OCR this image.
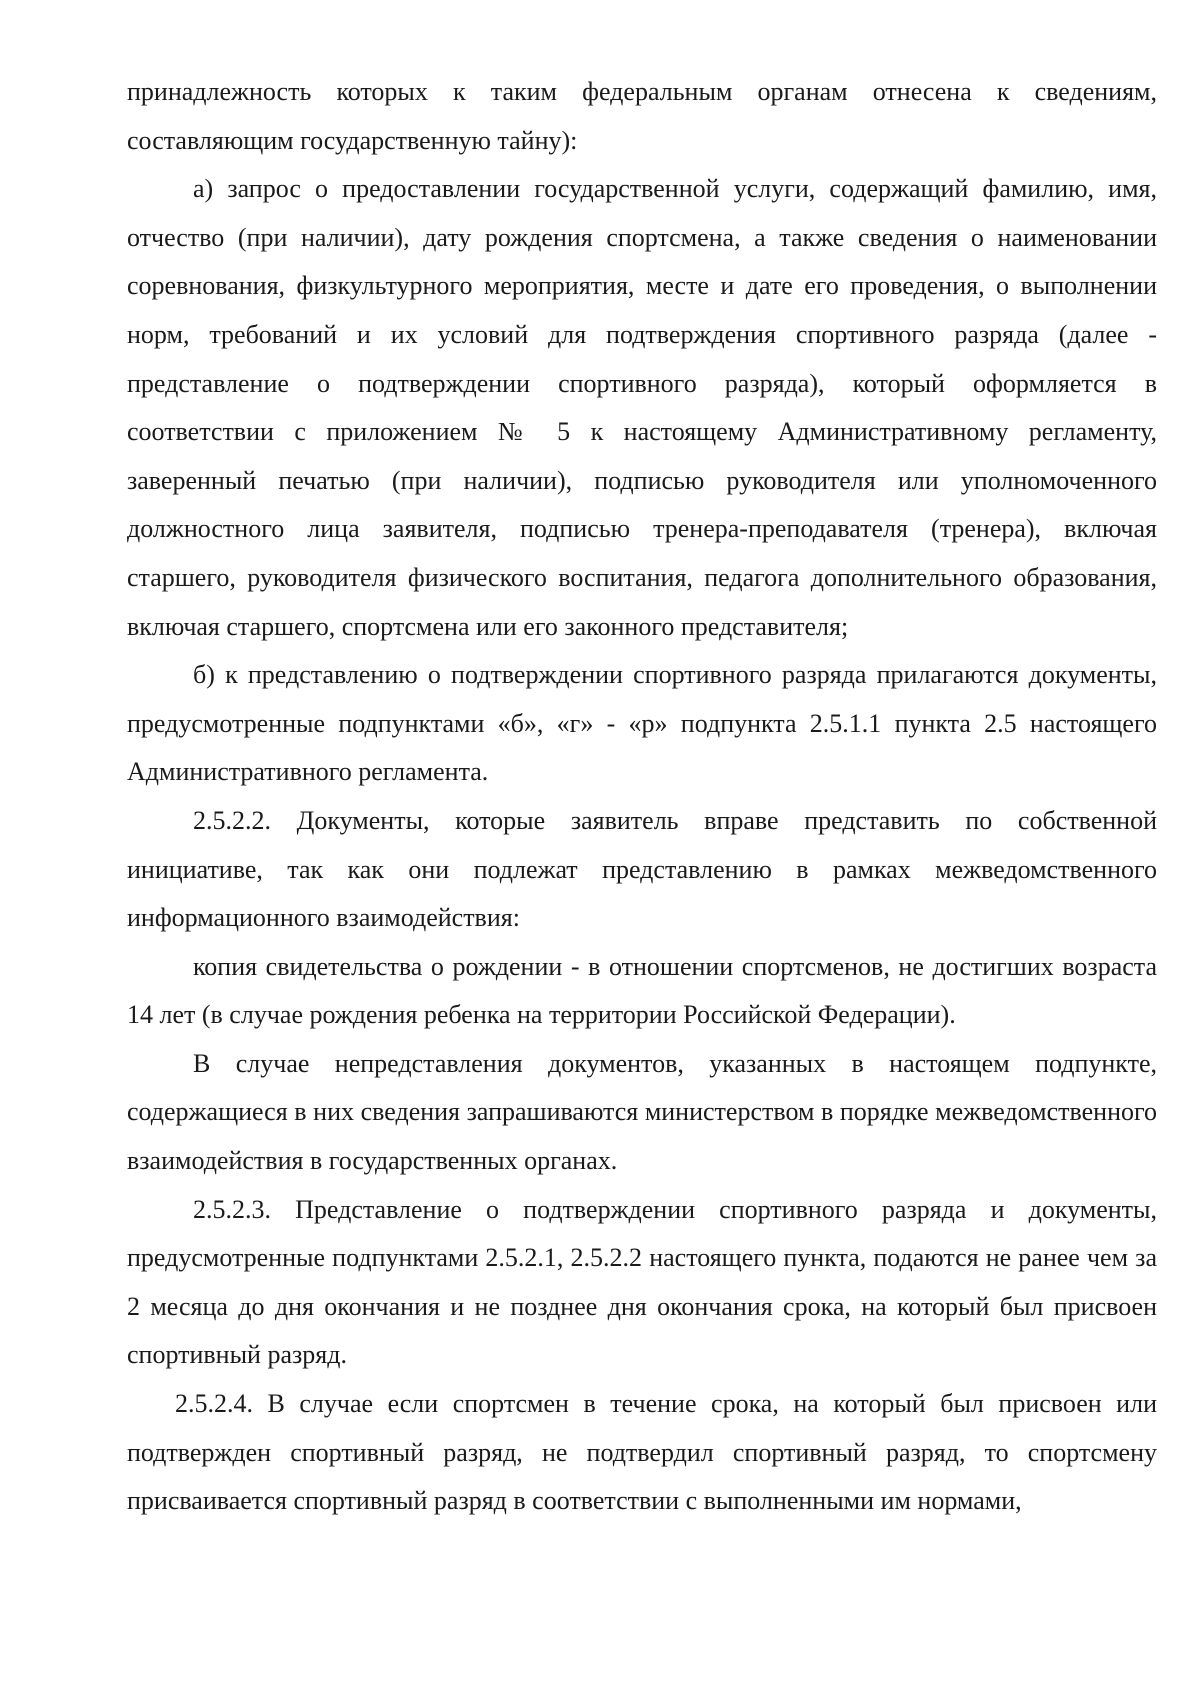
принадлежность которых к таким федеральным органам отнесена к сведениям, составляющим государственную тайну):

а) запрос о предоставлении государственной услуги, содержащий фамилию, имя, отчество (при наличии), дату рождения спортсмена, а также сведения о наименовании соревнования, физкультурного мероприятия, месте и дате его проведения, о выполнении норм, требований и их условий для подтверждения спортивного разряда (далее - представление о подтверждении спортивного разряда), который оформляется в соответствии с приложением № 5 к настоящему Административному регламенту, заверенный печатью (при наличии), подписью руководителя или уполномоченного должностного лица заявителя, подписью тренера-преподавателя (тренера), включая старшего, руководителя физического воспитания, педагога дополнительного образования, включая старшего, спортсмена или его законного представителя;

б) к представлению о подтверждении спортивного разряда прилагаются документы, предусмотренные подпунктами «б», «г» - «р» подпункта 2.5.1.1 пункта 2.5 настоящего Административного регламента.

2.5.2.2. Документы, которые заявитель вправе представить по собственной инициативе, так как они подлежат представлению в рамках межведомственного информационного взаимодействия:

копия свидетельства о рождении - в отношении спортсменов, не достигших возраста 14 лет (в случае рождения ребенка на территории Российской Федерации).

В случае непредставления документов, указанных в настоящем подпункте, содержащиеся в них сведения запрашиваются министерством в порядке межведомственного взаимодействия в государственных органах.

2.5.2.3. Представление о подтверждении спортивного разряда и документы, предусмотренные подпунктами 2.5.2.1, 2.5.2.2 настоящего пункта, подаются не ранее чем за 2 месяца до дня окончания и не позднее дня окончания срока, на который был присвоен спортивный разряд.

2.5.2.4. В случае если спортсмен в течение срока, на который был присвоен или подтвержден спортивный разряд, не подтвердил спортивный разряд, то спортсмену присваивается спортивный разряд в соответствии с выполненными им нормами,
